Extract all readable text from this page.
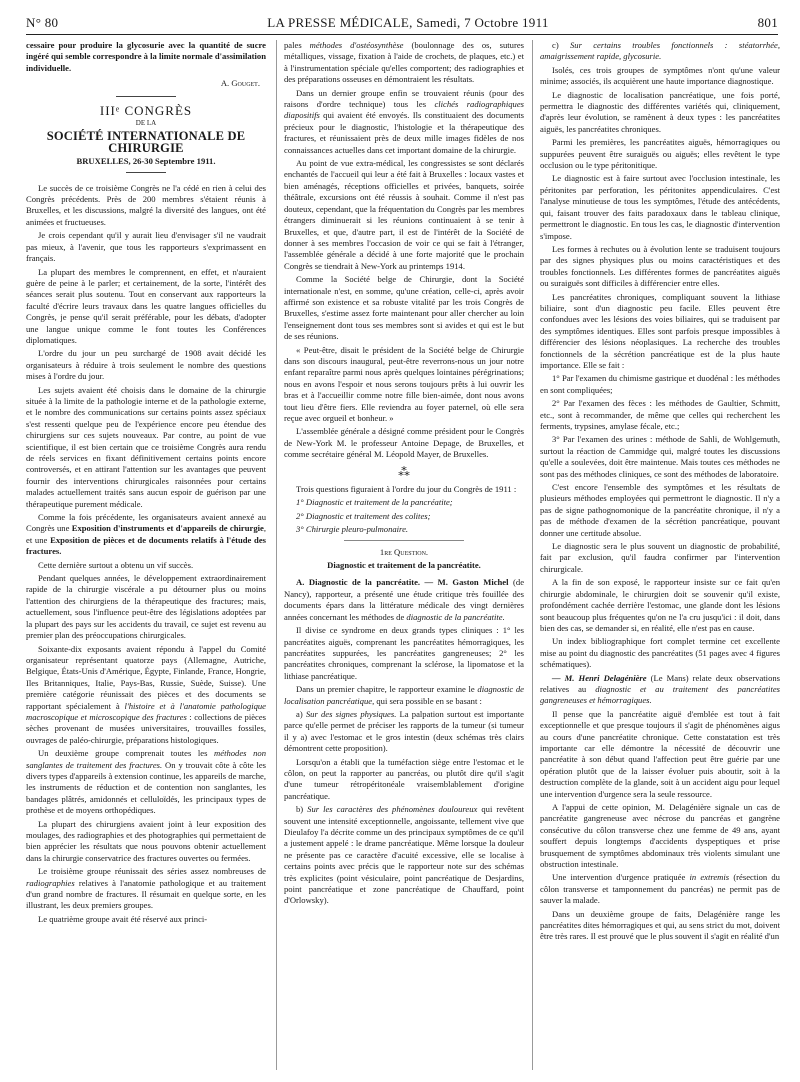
N° 80	LA PRESSE MÉDICALE, Samedi, 7 Octobre 1911	801

cessaire pour produire la glycosurie avec la quantité de sucre ingéré qui semble correspondre à la limite normale d'assimilation individuelle.

A. Gouget.

IIIᵉ CONGRÈS
DE LA
SOCIÉTÉ INTERNATIONALE DE CHIRURGIE
BRUXELLES, 26-30 Septembre 1911.

Le succès de ce troisième Congrès ne l'a cédé en rien à celui des Congrès précédents. Près de 200 membres s'étaient réunis à Bruxelles, et les discussions, malgré la diversité des langues, ont été animées et fructueuses.

Je crois cependant qu'il y aurait lieu d'envisager s'il ne vaudrait pas mieux, à l'avenir, que tous les rapporteurs s'exprimassent en français.

La plupart des membres le comprennent, en effet, et n'auraient guère de peine à le parler; et certainement, de la sorte, l'intérêt des séances serait plus soutenu. Tout en conservant aux rapporteurs la faculté d'écrire leurs travaux dans les quatre langues officielles du Congrès, je pense qu'il serait préférable, pour les débats, d'adopter une langue unique comme le font toutes les Conférences diplomatiques.

L'ordre du jour un peu surchargé de 1908 avait décidé les organisateurs à réduire à trois seulement le nombre des questions mises à l'ordre du jour.

Les sujets avaient été choisis dans le domaine de la chirurgie située à la limite de la pathologie interne et de la pathologie externe, et le nombre des communications sur certains points assez spéciaux s'est ressenti quelque peu de l'expérience encore peu étendue des chirurgiens sur ces sujets nouveaux. Par contre, au point de vue scientifique, il est bien certain que ce troisième Congrès aura rendu de réels services en fixant définitivement certains points encore controversés, et en attirant l'attention sur les avantages que peuvent fournir des interventions chirurgicales raisonnées pour certains malades actuellement traités sans aucun espoir de guérison par une thérapeutique purement médicale.

Comme la fois précédente, les organisateurs avaient annexé au Congrès une Exposition d'instruments et d'appareils de chirurgie, et une Exposition de pièces et de documents relatifs à l'étude des fractures.

Cette dernière surtout a obtenu un vif succès.

Pendant quelques années, le développement extraordinairement rapide de la chirurgie viscérale a pu détourner plus ou moins l'attention des chirurgiens de la thérapeutique des fractures; mais, actuellement, sous l'influence peut-être des législations adoptées par la plupart des pays sur les accidents du travail, ce sujet est revenu au premier plan des préoccupations chirurgicales.

Soixante-dix exposants avaient répondu à l'appel du Comité organisateur représentant quatorze pays (Allemagne, Autriche, Belgique, États-Unis d'Amérique, Égypte, Finlande, France, Hongrie, Iles Britanniques, Italie, Pays-Bas, Russie, Suède, Suisse). Une première catégorie réunissait des pièces et des documents se rapportant spécialement à l'histoire et à l'anatomie pathologique macroscopique et microscopique des fractures : collections de pièces sèches provenant de musées universitaires, trouvailles fossiles, ouvrages de paléo-chirurgie, préparations histologiques.

Un deuxième groupe comprenait toutes les méthodes non sanglantes de traitement des fractures. On y trouvait côte à côte les divers types d'appareils à extension continue, les appareils de marche, les instruments de réduction et de contention non sanglantes, les bandages plâtrés, amidonnés et celluloïdés, les principaux types de prothèse et de moyens orthopédiques.

La plupart des chirurgiens avaient joint à leur exposition des moulages, des radiographies et des photographies qui permettaient de bien apprécier les résultats que nous pouvons obtenir actuellement dans la chirurgie conservatrice des fractures ouvertes ou fermées.

Le troisième groupe réunissait des séries assez nombreuses de radiographies relatives à l'anatomie pathologique et au traitement d'un grand nombre de fractures. Il résumait en quelque sorte, en les illustrant, les deux premiers groupes.

Le quatrième groupe avait été réservé aux princi-

pales méthodes d'ostéosynthèse (boulonnage des os, sutures métalliques, vissage, fixation à l'aide de crochets, de plaques, etc.) et à l'instrumentation spéciale qu'elles comportent; des radiographies et des préparations osseuses en démontraient les résultats.

Dans un dernier groupe enfin se trouvaient réunis (pour des raisons d'ordre technique) tous les clichés radiographiques diapositifs qui avaient été envoyés. Ils constituaient des documents précieux pour le diagnostic, l'histologie et la thérapeutique des fractures, et réunissaient près de deux mille images fidèles de nos connaissances actuelles dans cet important domaine de la chirurgie.

Au point de vue extra-médical, les congressistes se sont déclarés enchantés de l'accueil qui leur a été fait à Bruxelles : locaux vastes et bien aménagés, réceptions officielles et privées, banquets, soirée théâtrale, excursions ont été réussis à souhait. Comme il n'est pas douteux, cependant, que la fréquentation du Congrès par les membres étrangers diminuerait si les réunions continuaient à se tenir à Bruxelles, et que, d'autre part, il est de l'intérêt de la Société de donner à ses membres l'occasion de voir ce qui se fait à l'étranger, l'assemblée générale a décidé à une forte majorité que le prochain Congrès se tiendrait à New-York au printemps 1914.

Comme la Société belge de Chirurgie, dont la Société internationale n'est, en somme, qu'une création, celle-ci, après avoir affirmé son existence et sa robuste vitalité par les trois Congrès de Bruxelles, s'estime assez forte maintenant pour aller chercher au loin l'enseignement dont tous ses membres sont si avides et qui est le but de ses réunions.

« Peut-être, disait le président de la Société belge de Chirurgie dans son discours inaugural, peut-être reverrons-nous un jour notre enfant reparaître parmi nous après quelques lointaines pérégrinations; nous en avons l'espoir et nous serons toujours prêts à lui ouvrir les bras et à l'accueillir comme notre fille bien-aimée, dont nous avons tout lieu d'être fiers. Elle reviendra au foyer paternel, où elle sera reçue avec orgueil et bonheur. »

L'assemblée générale a désigné comme président pour le Congrès de New-York M. le professeur Antoine Depage, de Bruxelles, et comme secrétaire général M. Léopold Mayer, de Bruxelles.

⁂

Trois questions figuraient à l'ordre du jour du Congrès de 1911 :

1° Diagnostic et traitement de la pancréatite;

2° Diagnostic et traitement des colites;

3° Chirurgie pleuro-pulmonaire.

1re Question.
Diagnostic et traitement de la pancréatite.

A. Diagnostic de la pancréatite. — M. Gaston Michel (de Nancy), rapporteur, a présenté une étude critique très fouillée des documents épars dans la littérature médicale des vingt dernières années concernant les méthodes de diagnostic de la pancréatite.

Il divise ce syndrome en deux grands types cliniques : 1° les pancréatites aiguës, comprenant les pancréatites hémorragiques, les pancréatites suppurées, les pancréatites gangreneuses; 2° les pancréatites chroniques, comprenant la sclérose, la lipomatose et la lithiase pancréatique.

Dans un premier chapitre, le rapporteur examine le diagnostic de localisation pancréatique, qui sera possible en se basant :

a) Sur des signes physiques. La palpation surtout est importante parce qu'elle permet de préciser les rapports de la tumeur (si tumeur il y a) avec l'estomac et le gros intestin (deux schémas très clairs démontrent cette proposition).

Lorsqu'on a établi que la tuméfaction siège entre l'estomac et le côlon, on peut la rapporter au pancréas, ou plutôt dire qu'il s'agit d'une tumeur rétropéritonéale vraisemblablement d'origine pancréatique.

b) Sur les caractères des phénomènes douloureux qui revêtent souvent une intensité exceptionnelle, angoissante, tellement vive que Dieulafoy l'a décrite comme un des principaux symptômes de ce qu'il a justement appelé : le drame pancréatique. Même lorsque la douleur ne présente pas ce caractère d'acuité excessive, elle se localise à certains points avec précis que le rapporteur note sur des schémas très explicites (point vésiculaire, point pancréatique de Desjardins, point pancréatique et zone pancréatique de Chauffard, point d'Orlowsky).

c) Sur certains troubles fonctionnels : stéatorrhée, amaigrissement rapide, glycosurie.

Isolés, ces trois groupes de symptômes n'ont qu'une valeur minime; associés, ils acquièrent une haute importance diagnostique.

Le diagnostic de localisation pancréatique, une fois porté, permettra le diagnostic des différentes variétés qui, cliniquement, d'après leur évolution, se ramènent à deux types : les pancréatites aiguës, les pancréatites chroniques.

Parmi les premières, les pancréatites aiguës, hémorragiques ou suppurées peuvent être suraiguës ou aiguës; elles revêtent le type occlusion ou le type péritonitique.

Le diagnostic est à faire surtout avec l'occlusion intestinale, les péritonites par perforation, les péritonites appendiculaires. C'est l'analyse minutieuse de tous les symptômes, l'étude des antécédents, qui, faisant trouver des faits paradoxaux dans le tableau clinique, permettront le diagnostic. En tous les cas, le diagnostic d'intervention s'impose.

Les formes à rechutes ou à évolution lente se traduisent toujours par des signes physiques plus ou moins caractéristiques et des troubles fonctionnels. Les différentes formes de pancréatites aiguës ou suraiguës sont difficiles à différencier entre elles.

Les pancréatites chroniques, compliquant souvent la lithiase biliaire, sont d'un diagnostic peu facile. Elles peuvent être confondues avec les lésions des voies biliaires, qui se traduisent par des symptômes identiques. Elles sont parfois presque impossibles à différencier des lésions néoplasiques. La recherche des troubles fonctionnels de la sécrétion pancréatique est de la plus haute importance. Elle se fait :

1° Par l'examen du chimisme gastrique et duodénal : les méthodes en sont compliquées;

2° Par l'examen des fèces : les méthodes de Gaultier, Schmitt, etc., sont à recommander, de même que celles qui recherchent les ferments, trypsines, amylase fécale, etc.;

3° Par l'examen des urines : méthode de Sahli, de Wohlgemuth, surtout la réaction de Cammidge qui, malgré toutes les discussions qu'elle a soulevées, doit être maintenue. Mais toutes ces méthodes ne sont pas des méthodes cliniques, ce sont des méthodes de laboratoire.

C'est encore l'ensemble des symptômes et les résultats de plusieurs méthodes employées qui permettront le diagnostic. Il n'y a pas de signe pathognomonique de la pancréatite chronique, il n'y a pas de méthode d'examen de la sécrétion pancréatique, pouvant donner une certitude absolue.

Le diagnostic sera le plus souvent un diagnostic de probabilité, fait par exclusion, qu'il faudra confirmer par l'intervention chirurgicale.

A la fin de son exposé, le rapporteur insiste sur ce fait qu'en chirurgie abdominale, le chirurgien doit se souvenir qu'il existe, profondément cachée derrière l'estomac, une glande dont les lésions sont beaucoup plus fréquentes qu'on ne l'a cru jusqu'ici : il doit, dans bien des cas, se demander si, en réalité, elle n'est pas en cause.

Un index bibliographique fort complet termine cet excellente mise au point du diagnostic des pancréatites (51 pages avec 4 figures schématiques).

— M. Henri Delagénière (Le Mans) relate deux observations relatives au diagnostic et au traitement des pancréatites gangreneuses et hémorragiques.

Il pense que la pancréatite aiguë d'emblée est tout à fait exceptionnelle et que presque toujours il s'agit de phénomènes aigus au cours d'une pancréatite chronique. Cette constatation est très importante car elle démontre la nécessité de découvrir une pancréatite à son début quand l'affection peut être guérie par une opération plutôt que de la laisser évoluer puis aboutir, soit à la destruction complète de la glande, soit à un accident aigu pour lequel une intervention d'urgence sera la seule ressource.

A l'appui de cette opinion, M. Delagénière signale un cas de pancréatite gangreneuse avec nécrose du pancréas et gangrène consécutive du côlon transverse chez une femme de 49 ans, ayant souffert depuis longtemps d'accidents dyspeptiques et prise brusquement de symptômes abdominaux très violents simulant une obstruction intestinale.

Une intervention d'urgence pratiquée in extremis (résection du côlon transverse et tamponnement du pancréas) ne permit pas de sauver la malade.

Dans un deuxième groupe de faits, Delagénière range les pancréatites dites hémorragiques et qui, au sens strict du mot, doivent être très rares. Il est prouvé que le plus souvent il s'agit en réalité d'un
